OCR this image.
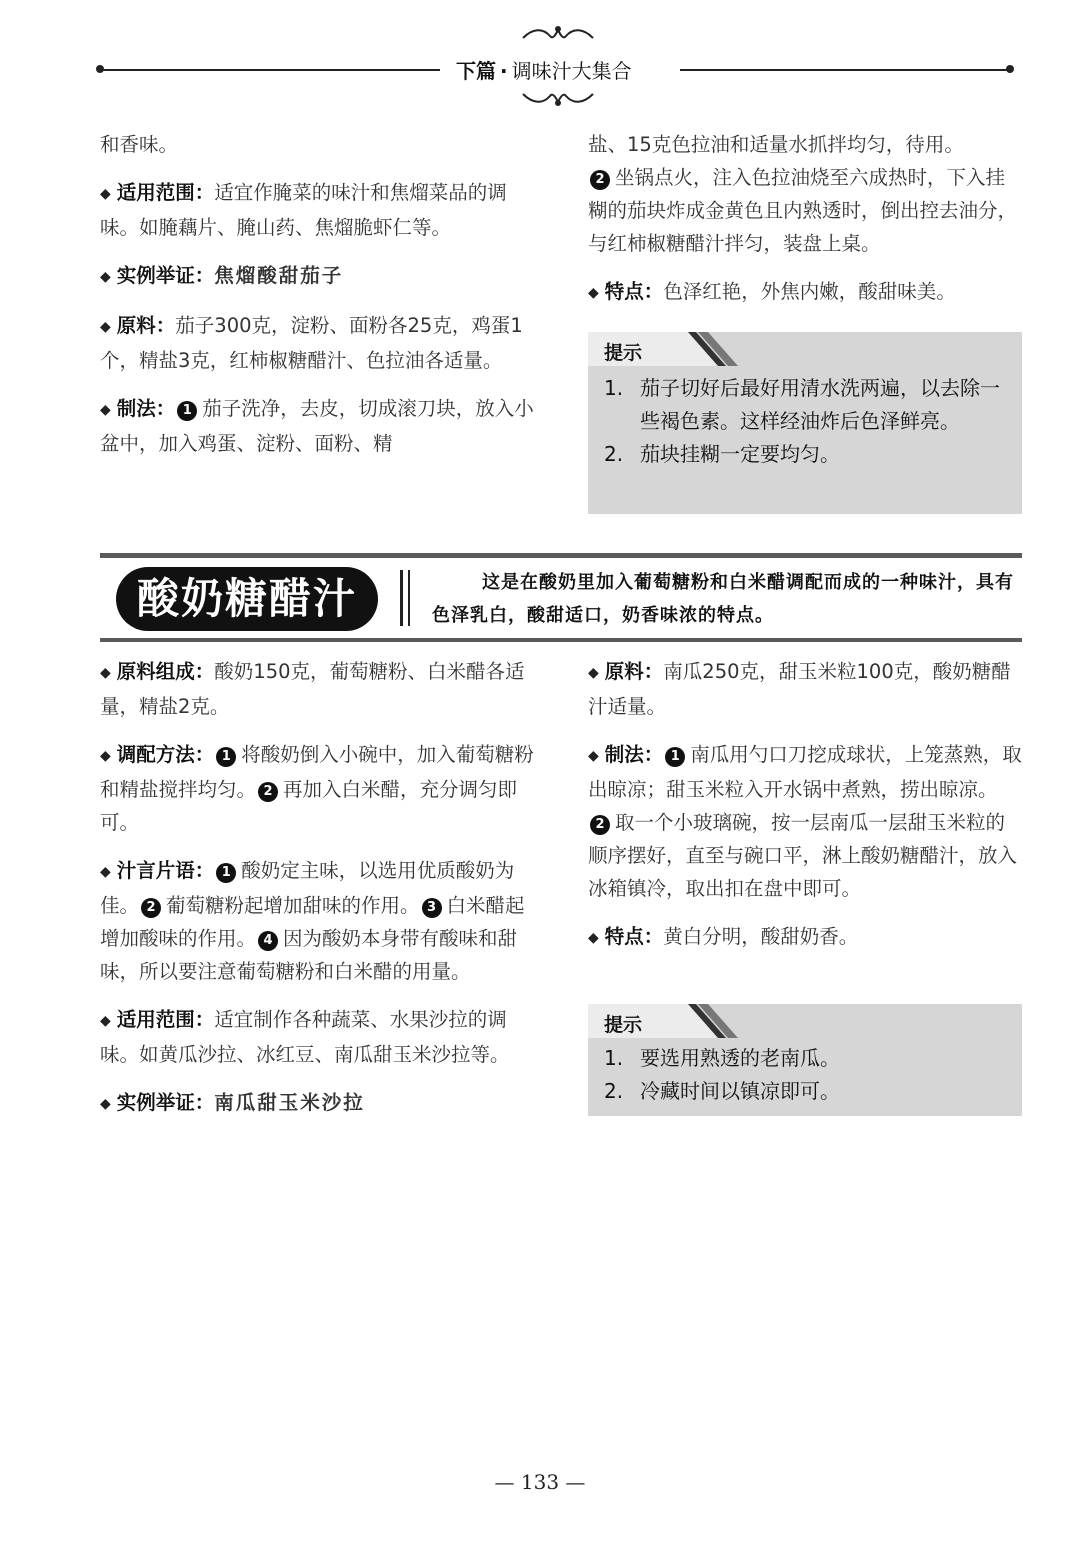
下篇 · 调味汁大集合

和香味。

◆ 适用范围：适宜作腌菜的味汁和焦熘菜品的调味。如腌藕片、腌山药、焦熘脆虾仁等。

◆ 实例举证：焦熘酸甜茄子

◆ 原料：茄子300克，淀粉、面粉各25克，鸡蛋1个，精盐3克，红柿椒糖醋汁、色拉油各适量。

◆ 制法： 1 茄子洗净，去皮，切成滚刀块，放入小盆中，加入鸡蛋、淀粉、面粉、精

盐、15克色拉油和适量水抓拌均匀，待用。
2 坐锅点火，注入色拉油烧至六成热时，下入挂糊的茄块炸成金黄色且内熟透时，倒出控去油分，与红柿椒糖醋汁拌匀，装盘上桌。

◆ 特点：色泽红艳，外焦内嫩，酸甜味美。

提示
1. 茄子切好后最好用清水洗两遍，以去除一些褐色素。这样经油炸后色泽鲜亮。
2. 茄块挂糊一定要均匀。
酸奶糖醋汁	这是在酸奶里加入葡萄糖粉和白米醋调配而成的一种味汁，具有色泽乳白，酸甜适口，奶香味浓的特点。

◆ 原料组成：酸奶150克，葡萄糖粉、白米醋各适量，精盐2克。

◆ 调配方法： 1 将酸奶倒入小碗中，加入葡萄糖粉和精盐搅拌均匀。 2 再加入白米醋，充分调匀即可。

◆ 汁言片语： 1 酸奶定主味，以选用优质酸奶为佳。 2 葡萄糖粉起增加甜味的作用。 3 白米醋起增加酸味的作用。 4 因为酸奶本身带有酸味和甜味，所以要注意葡萄糖粉和白米醋的用量。

◆ 适用范围：适宜制作各种蔬菜、水果沙拉的调味。如黄瓜沙拉、冰红豆、南瓜甜玉米沙拉等。

◆ 实例举证：南瓜甜玉米沙拉

◆ 原料：南瓜250克，甜玉米粒100克，酸奶糖醋汁适量。

◆ 制法： 1 南瓜用勺口刀挖成球状，上笼蒸熟，取出晾凉；甜玉米粒入开水锅中煮熟，捞出晾凉。2 取一个小玻璃碗，按一层南瓜一层甜玉米粒的顺序摆好，直至与碗口平，淋上酸奶糖醋汁，放入冰箱镇冷，取出扣在盘中即可。

◆ 特点：黄白分明，酸甜奶香。

提示
1. 要选用熟透的老南瓜。
2. 冷藏时间以镇凉即可。
— 133 —
